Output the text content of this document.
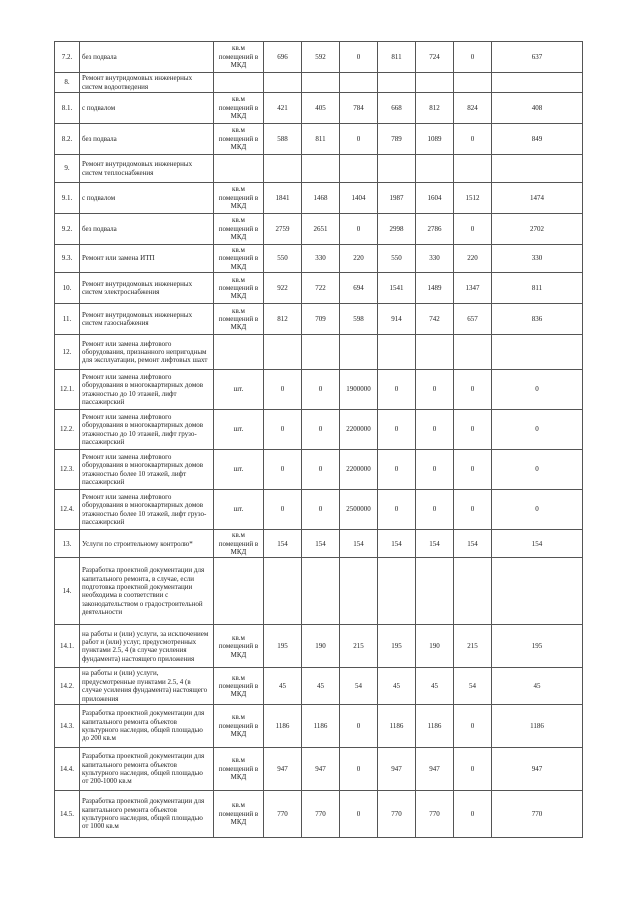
7.2.	без подвала	кв.м помещений в МКД	696	592	0	811	724	0	637
8.	Ремонт внутридомовых инженерных систем водоотведения								
8.1.	с подвалом	кв.м помещений в МКД	421	405	784	668	812	824	408
8.2.	без подвала	кв.м помещений в МКД	588	811	0	789	1089	0	849
9.	Ремонт внутридомовых инженерных систем теплоснабжения								
9.1.	с подвалом	кв.м помещений в МКД	1841	1468	1404	1987	1604	1512	1474
9.2.	без подвала	кв.м помещений в МКД	2759	2651	0	2998	2786	0	2702
9.3.	Ремонт или замена ИТП	кв.м помещений в МКД	550	330	220	550	330	220	330
10.	Ремонт внутридомовых инженерных систем электроснабжения	кв.м помещений в МКД	922	722	694	1541	1489	1347	811
11.	Ремонт внутридомовых инженерных систем газоснабжения	кв.м помещений в МКД	812	709	598	914	742	657	836
12.	Ремонт или замена лифтового оборудования, признанного непригодным для эксплуатации, ремонт лифтовых шахт								
12.1.	Ремонт или замена лифтового оборудования в многоквартирных домов этажностью до 10 этажей, лифт пассажирский	шт.	0	0	1900000	0	0	0	0
12.2.	Ремонт или замена лифтового оборудования в многоквартирных домов этажностью до 10 этажей, лифт грузо-пассажирский	шт.	0	0	2200000	0	0	0	0
12.3.	Ремонт или замена лифтового оборудования в многоквартирных домов этажностью более 10 этажей, лифт пассажирский	шт.	0	0	2200000	0	0	0	0
12.4.	Ремонт или замена лифтового оборудования в многоквартирных домов этажностью более 10 этажей, лифт грузо-пассажирский	шт.	0	0	2500000	0	0	0	0
13.	Услуги по строительному контролю*	кв.м помещений в МКД	154	154	154	154	154	154	154
14.	Разработка проектной документации для капитального ремонта, в случае, если подготовка проектной документации необходима в соответствии с законодательством о градостроительной деятельности								
14.1.	на работы и (или) услуги, за исключением работ и (или) услуг, предусмотренных пунктами 2.5, 4 (в случае усиления фундамента) настоящего приложения	кв.м помещений в МКД	195	190	215	195	190	215	195
14.2.	на работы и (или) услуги, предусмотренные пунктами 2.5, 4 (в случае усиления фундамента) настоящего приложения	кв.м помещений в МКД	45	45	54	45	45	54	45
14.3.	Разработка проектной документации для капитального ремонта объектов культурного наследия, общей площадью до 200 кв.м	кв.м помещений в МКД	1186	1186	0	1186	1186	0	1186
14.4.	Разработка проектной документации для капитального ремонта объектов культурного наследия, общей площадью от 200-1000 кв.м	кв.м помещений в МКД	947	947	0	947	947	0	947
14.5.	Разработка проектной документации для капитального ремонта объектов культурного наследия, общей площадью от 1000 кв.м	кв.м помещений в МКД	770	770	0	770	770	0	770
